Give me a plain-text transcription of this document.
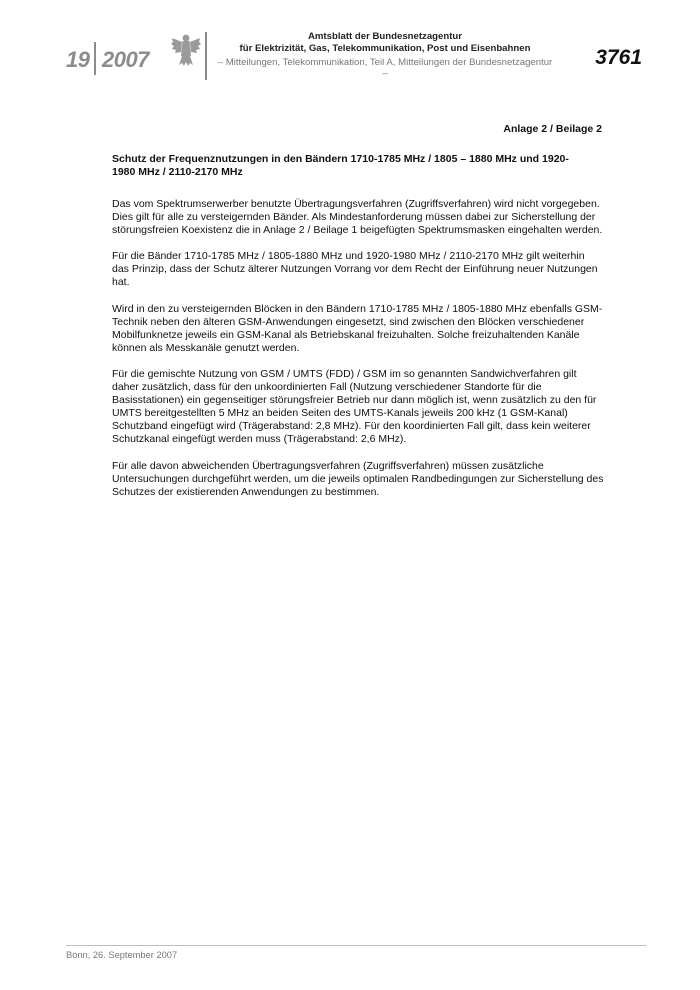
19 2007
Amtsblatt der Bundesnetzagentur
für Elektrizität, Gas, Telekommunikation, Post und Eisenbahnen
– Mitteilungen, Telekommunikation, Teil A, Mitteilungen der Bundesnetzagentur –
3761
Anlage 2 / Beilage 2
Schutz der Frequenznutzungen in den Bändern 1710-1785 MHz / 1805 – 1880 MHz und 1920-1980 MHz / 2110-2170 MHz

Das vom Spektrumserwerber benutzte Übertragungsverfahren (Zugriffsverfahren) wird nicht vorgegeben. Dies gilt für alle zu versteigernden Bänder. Als Mindestanforderung müssen dabei zur Sicherstellung der störungsfreien Koexistenz die in Anlage 2 / Beilage 1 beigefügten Spektrumsmasken eingehalten werden.

Für die Bänder 1710-1785 MHz / 1805-1880 MHz und 1920-1980 MHz / 2110-2170 MHz gilt weiterhin das Prinzip, dass der Schutz älterer Nutzungen Vorrang vor dem Recht der Einführung neuer Nutzungen hat.

Wird in den zu versteigernden Blöcken in den Bändern 1710-1785 MHz / 1805-1880 MHz ebenfalls GSM-Technik neben den älteren GSM-Anwendungen eingesetzt, sind zwischen den Blöcken verschiedener Mobilfunknetze jeweils ein GSM-Kanal als Betriebskanal freizuhalten. Solche freizuhaltenden Kanäle können als Messkanäle genutzt werden.

Für die gemischte Nutzung von GSM / UMTS (FDD) / GSM im so genannten Sandwichverfahren gilt daher zusätzlich, dass für den unkoordinierten Fall (Nutzung verschiedener Standorte für die Basisstationen) ein gegenseitiger störungsfreier Betrieb nur dann möglich ist, wenn zusätzlich zu den für UMTS bereitgestellten 5 MHz an beiden Seiten des UMTS-Kanals jeweils 200 kHz (1 GSM-Kanal) Schutzband eingefügt wird (Trägerabstand: 2,8 MHz). Für den koordinierten Fall gilt, dass kein weiterer Schutzkanal eingefügt werden muss (Trägerabstand: 2,6 MHz).

Für alle davon abweichenden Übertragungsverfahren (Zugriffsverfahren) müssen zusätzliche Untersuchungen durchgeführt werden, um die jeweils optimalen Randbedingungen zur Sicherstellung des Schutzes der existierenden Anwendungen zu bestimmen.

Bonn, 26. September 2007
